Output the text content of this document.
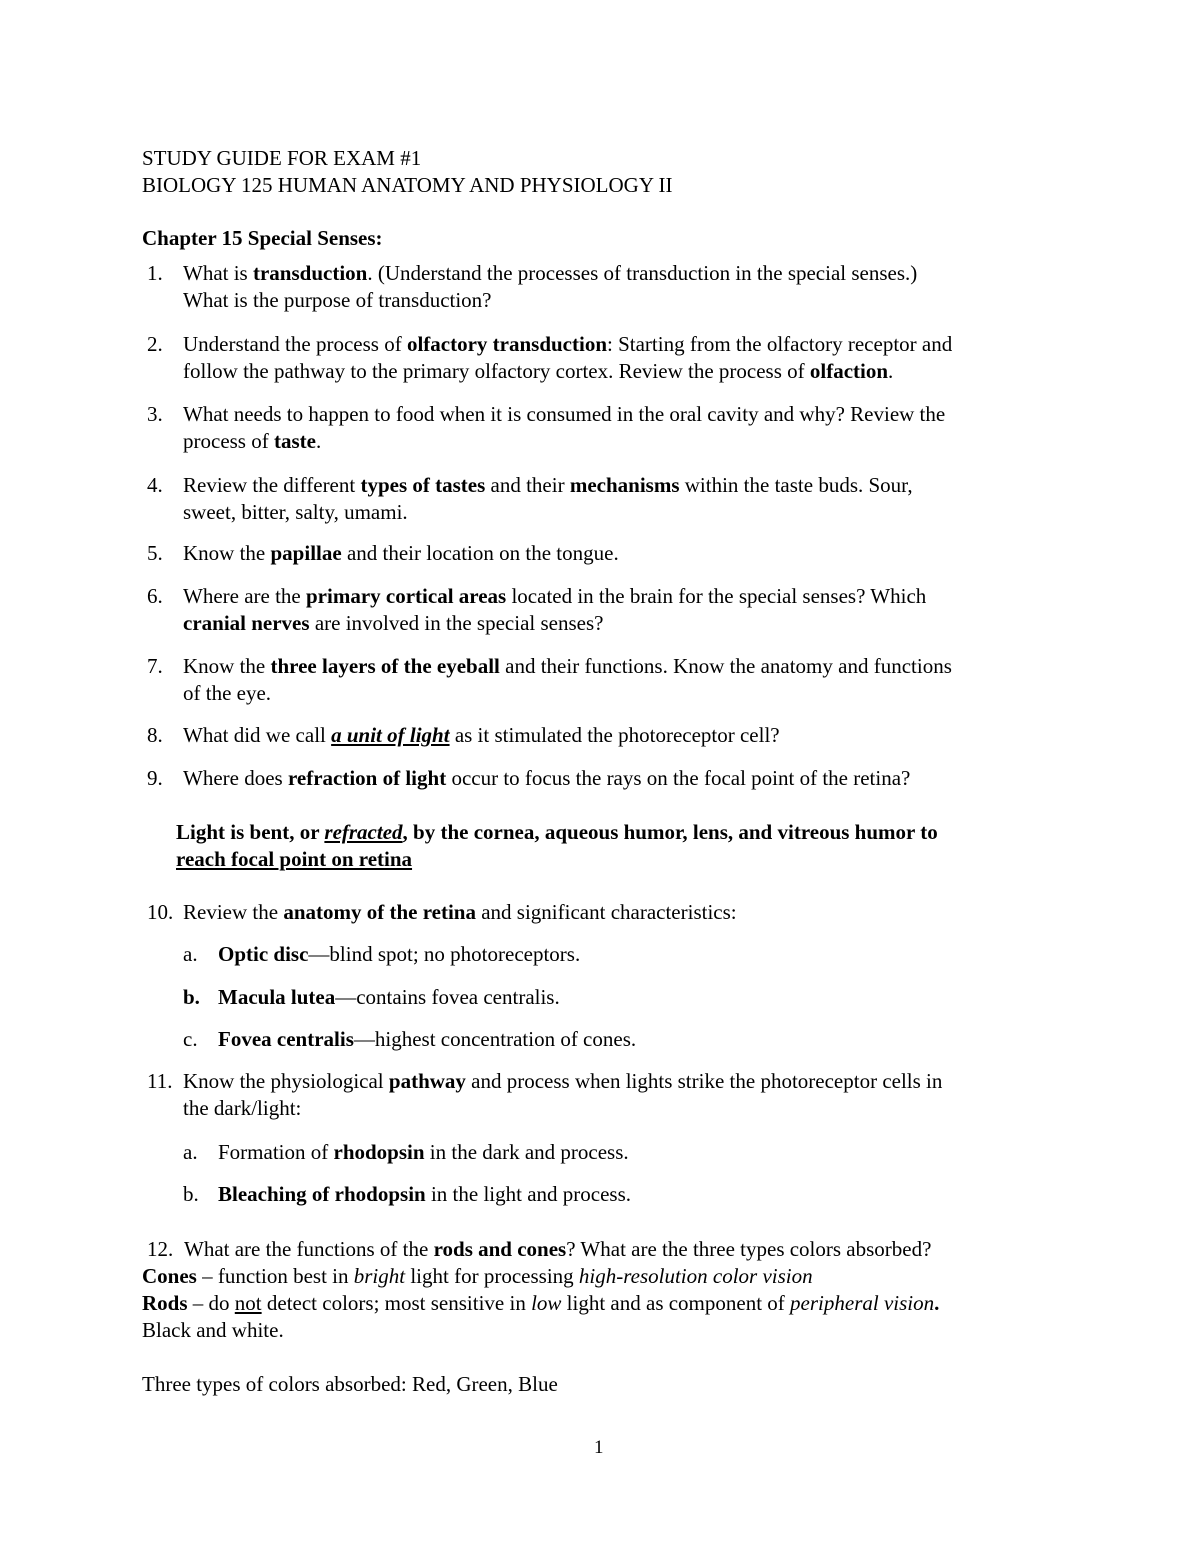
STUDY GUIDE FOR EXAM #1
BIOLOGY 125 HUMAN ANATOMY AND PHYSIOLOGY II
Chapter 15 Special Senses:
1. What is transduction. (Understand the processes of transduction in the special senses.)
What is the purpose of transduction?
2. Understand the process of olfactory transduction: Starting from the olfactory receptor and
follow the pathway to the primary olfactory cortex. Review the process of olfaction.
3. What needs to happen to food when it is consumed in the oral cavity and why? Review the
process of taste.
4. Review the different types of tastes and their mechanisms within the taste buds. Sour,
sweet, bitter, salty, umami.
5. Know the papillae and their location on the tongue.
6. Where are the primary cortical areas located in the brain for the special senses? Which
cranial nerves are involved in the special senses?
7. Know the three layers of the eyeball and their functions. Know the anatomy and functions
of the eye.
8. What did we call a unit of light as it stimulated the photoreceptor cell?
9. Where does refraction of light occur to focus the rays on the focal point of the retina?
Light is bent, or refracted, by the cornea, aqueous humor, lens, and vitreous humor to
reach focal point on retina
10. Review the anatomy of the retina and significant characteristics:
a. Optic disc—blind spot; no photoreceptors.
b. Macula lutea—contains fovea centralis.
c. Fovea centralis—highest concentration of cones.
11. Know the physiological pathway and process when lights strike the photoreceptor cells in
the dark/light:
a. Formation of rhodopsin in the dark and process.
b. Bleaching of rhodopsin in the light and process.
12. What are the functions of the rods and cones? What are the three types colors absorbed?
Cones – function best in bright light for processing high-resolution color vision
Rods – do not detect colors; most sensitive in low light and as component of peripheral vision.
Black and white.
Three types of colors absorbed: Red, Green, Blue
1
